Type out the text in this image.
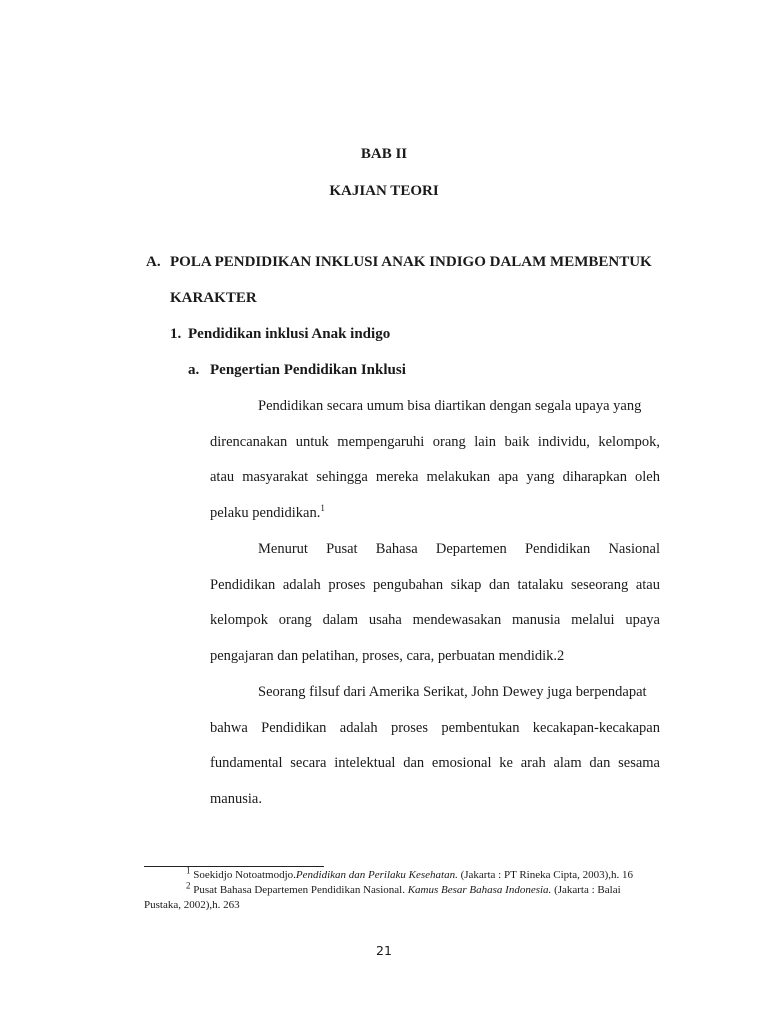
BAB II
KAJIAN TEORI
A. POLA PENDIDIKAN INKLUSI ANAK INDIGO DALAM MEMBENTUK
KARAKTER
1. Pendidikan inklusi Anak indigo
a. Pengertian Pendidikan Inklusi
Pendidikan secara umum bisa diartikan dengan segala upaya yang
direncanakan untuk mempengaruhi orang lain baik individu, kelompok,
atau masyarakat sehingga mereka melakukan apa yang diharapkan oleh
pelaku pendidikan.$^1$
Menurut Pusat Bahasa Departemen Pendidikan Nasional
Pendidikan adalah proses pengubahan sikap dan tatalaku seseorang atau
kelompok orang dalam usaha mendewasakan manusia melalui upaya
pengajaran dan pelatihan, proses, cara, perbuatan mendidik.2
Seorang filsuf dari Amerika Serikat, John Dewey juga berpendapat
bahwa Pendidikan adalah proses pembentukan kecakapan-kecakapan
fundamental secara intelektual dan emosional ke arah alam dan sesama
manusia.
$^1$ Soekidjo Notoatmodjo.Pendidikan dan Perilaku Kesehatan. (Jakarta : PT Rineka Cipta, 2003),h. 16
$^2$ Pusat Bahasa Departemen Pendidikan Nasional. Kamus Besar Bahasa Indonesia. (Jakarta : Balai
Pustaka, 2002),h. 263
21
